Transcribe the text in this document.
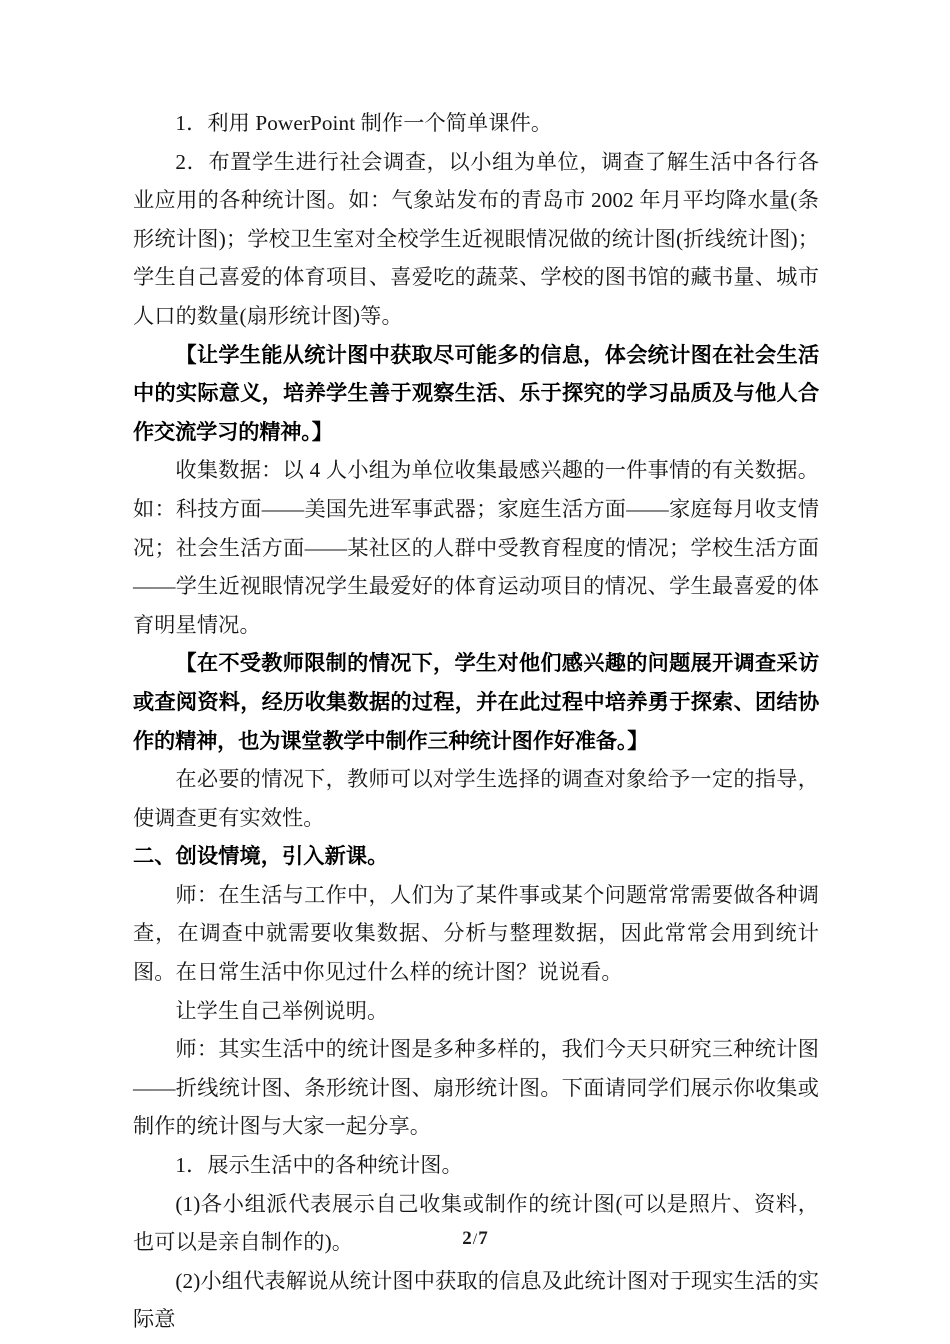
1．利用 PowerPoint 制作一个简单课件。

2．布置学生进行社会调查，以小组为单位，调查了解生活中各行各业应用的各种统计图。如：气象站发布的青岛市 2002 年月平均降水量(条形统计图)；学校卫生室对全校学生近视眼情况做的统计图(折线统计图)；学生自己喜爱的体育项目、喜爱吃的蔬菜、学校的图书馆的藏书量、城市人口的数量(扇形统计图)等。

【让学生能从统计图中获取尽可能多的信息，体会统计图在社会生活中的实际意义，培养学生善于观察生活、乐于探究的学习品质及与他人合作交流学习的精神。】

收集数据：以 4 人小组为单位收集最感兴趣的一件事情的有关数据。如：科技方面——美国先进军事武器；家庭生活方面——家庭每月收支情况；社会生活方面——某社区的人群中受教育程度的情况；学校生活方面——学生近视眼情况学生最爱好的体育运动项目的情况、学生最喜爱的体育明星情况。

【在不受教师限制的情况下，学生对他们感兴趣的问题展开调查采访或查阅资料，经历收集数据的过程，并在此过程中培养勇于探索、团结协作的精神，也为课堂教学中制作三种统计图作好准备。】

在必要的情况下，教师可以对学生选择的调查对象给予一定的指导，使调查更有实效性。

二、创设情境，引入新课。

师：在生活与工作中，人们为了某件事或某个问题常常需要做各种调查，在调查中就需要收集数据、分析与整理数据，因此常常会用到统计图。在日常生活中你见过什么样的统计图？说说看。

让学生自己举例说明。

师：其实生活中的统计图是多种多样的，我们今天只研究三种统计图——折线统计图、条形统计图、扇形统计图。下面请同学们展示你收集或制作的统计图与大家一起分享。

1．展示生活中的各种统计图。

(1)各小组派代表展示自己收集或制作的统计图(可以是照片、资料，也可以是亲自制作的)。

(2)小组代表解说从统计图中获取的信息及此统计图对于现实生活的实际意

2/7
